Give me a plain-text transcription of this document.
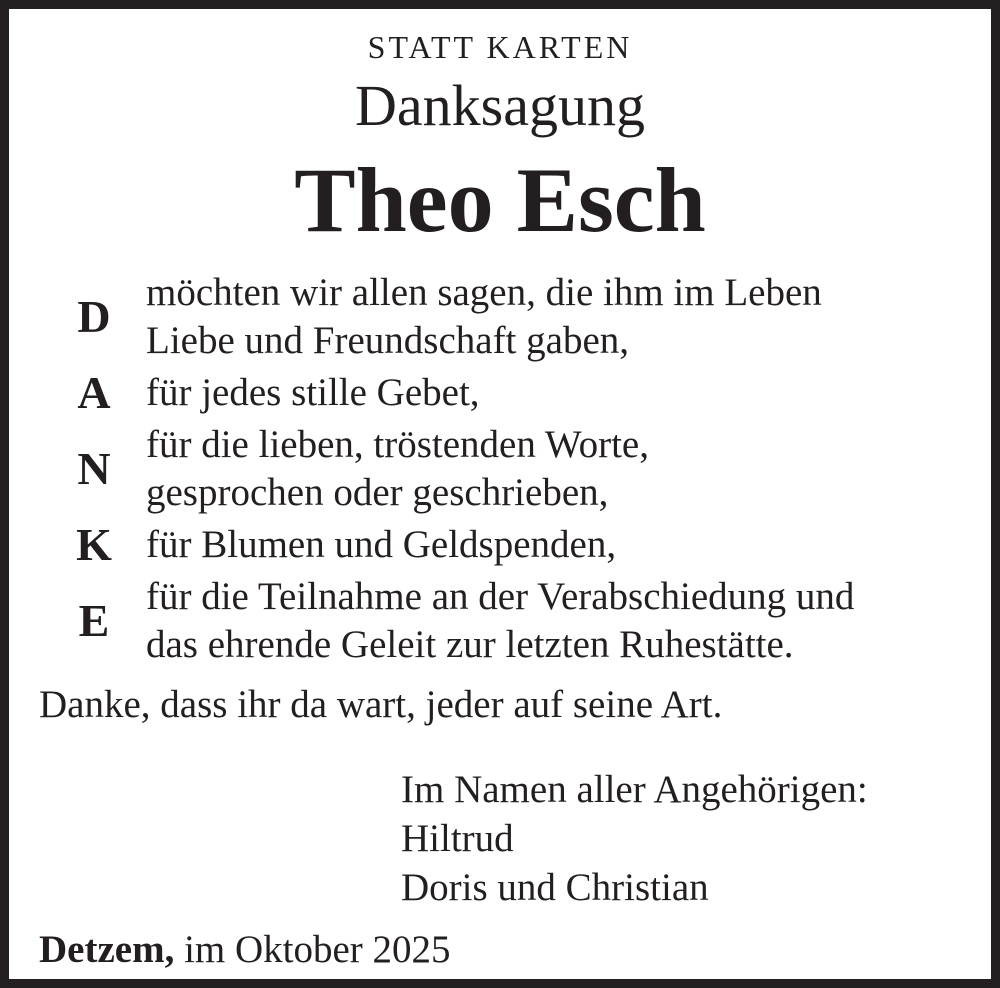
STATT KARTEN
Danksagung
Theo Esch
D möchten wir allen sagen, die ihm im Leben
Liebe und Freundschaft gaben,
A für jedes stille Gebet,
N für die lieben, tröstenden Worte,
gesprochen oder geschrieben,
K für Blumen und Geldspenden,
E für die Teilnahme an der Verabschiedung und
das ehrende Geleit zur letzten Ruhestätte.
Danke, dass ihr da wart, jeder auf seine Art.
Im Namen aller Angehörigen:
Hiltrud
Doris und Christian
Detzem, im Oktober 2025
